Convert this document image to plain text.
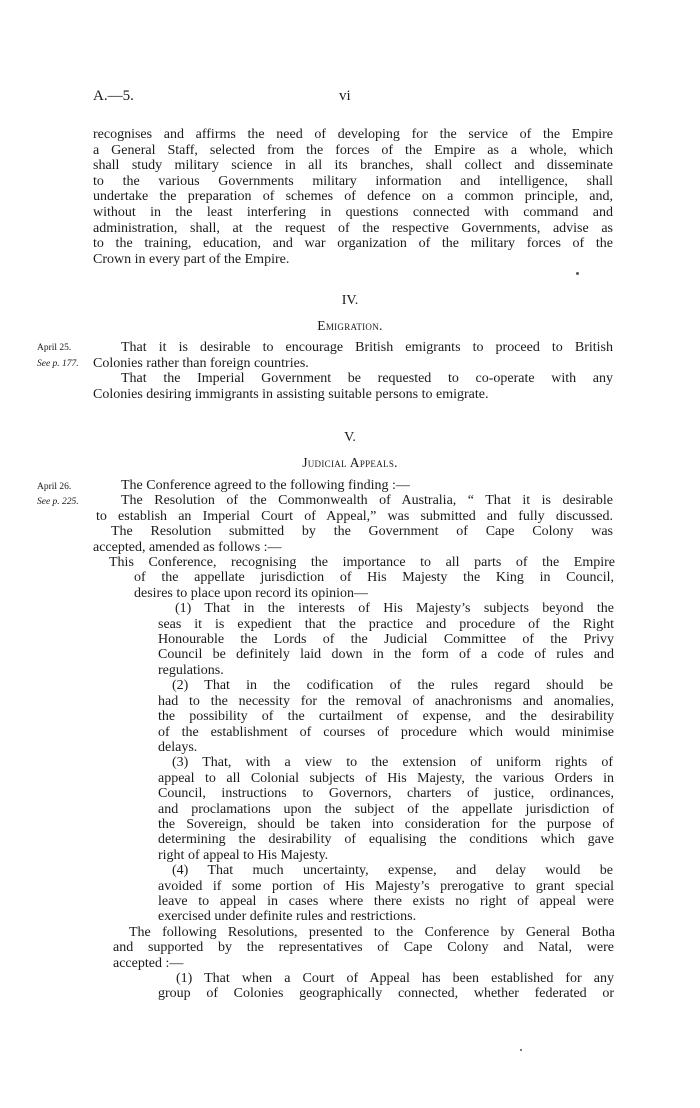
A.—5.	vi
recognises and affirms the need of developing for the service of the Empire
a General Staff, selected from the forces of the Empire as a whole, which
shall study military science in all its branches, shall collect and disseminate
to the various Governments military information and intelligence, shall
undertake the preparation of schemes of defence on a common principle, and,
without in the least interfering in questions connected with command and
administration, shall, at the request of the respective Governments, advise as
to the training, education, and war organization of the military forces of the
Crown in every part of the Empire.
IV.
Emigration.
April 25.
See p. 177.
That it is desirable to encourage British emigrants to proceed to British
Colonies rather than foreign countries.
That the Imperial Government be requested to co-operate with any
Colonies desiring immigrants in assisting suitable persons to emigrate.
V.
Judicial Appeals.
April 26.
See p. 225.
The Conference agreed to the following finding :—
The Resolution of the Commonwealth of Australia, “ That it is desirable
to establish an Imperial Court of Appeal,” was submitted and fully discussed.
The Resolution submitted by the Government of Cape Colony was
accepted, amended as follows :—
This Conference, recognising the importance to all parts of the Empire
of the appellate jurisdiction of His Majesty the King in Council,
desires to place upon record its opinion—
(1) That in the interests of His Majesty’s subjects beyond the
seas it is expedient that the practice and procedure of the Right
Honourable the Lords of the Judicial Committee of the Privy
Council be definitely laid down in the form of a code of rules and
regulations.
(2) That in the codification of the rules regard should be
had to the necessity for the removal of anachronisms and anomalies,
the possibility of the curtailment of expense, and the desirability
of the establishment of courses of procedure which would minimise
delays.
(3) That, with a view to the extension of uniform rights of
appeal to all Colonial subjects of His Majesty, the various Orders in
Council, instructions to Governors, charters of justice, ordinances,
and proclamations upon the subject of the appellate jurisdiction of
the Sovereign, should be taken into consideration for the purpose of
determining the desirability of equalising the conditions which gave
right of appeal to His Majesty.
(4) That much uncertainty, expense, and delay would be
avoided if some portion of His Majesty’s prerogative to grant special
leave to appeal in cases where there exists no right of appeal were
exercised under definite rules and restrictions.
The following Resolutions, presented to the Conference by General Botha
and supported by the representatives of Cape Colony and Natal, were
accepted :—
(1) That when a Court of Appeal has been established for any
group of Colonies geographically connected, whether federated or
